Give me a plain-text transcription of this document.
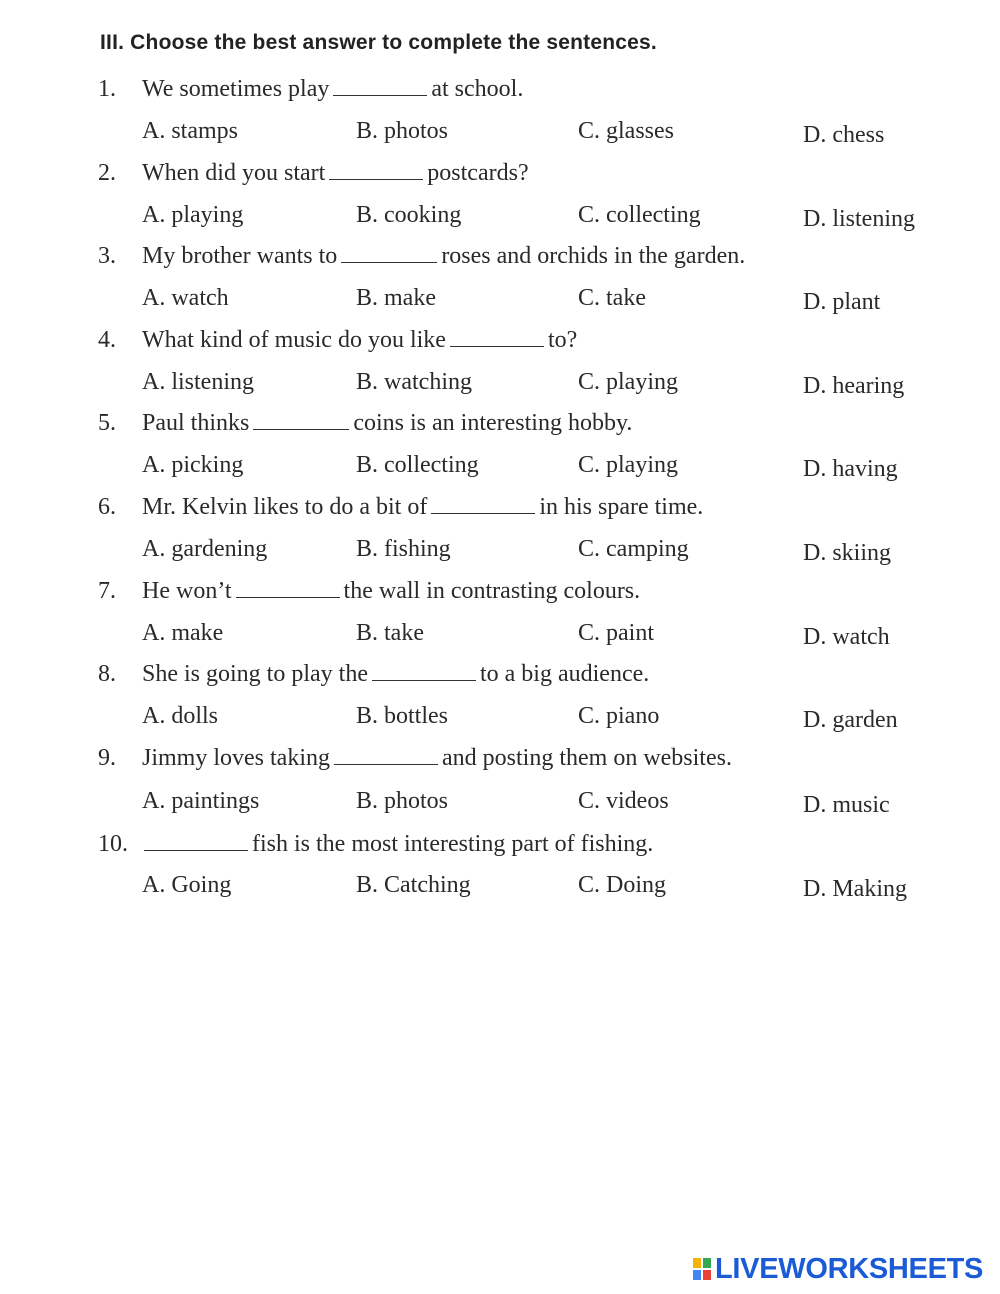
III. Choose the best answer to complete the sentences.
1. We sometimes play	at school.
A. stamps	B. photos	C. glasses	D. chess
2. When did you start	postcards?
A. playing	B. cooking	C. collecting	D. listening
3. My brother wants to	roses and orchids in the garden.
A. watch	B. make	C. take	D. plant
4. What kind of music do you like	to?
A. listening	B. watching	C. playing	D. hearing
5. Paul thinks	coins is an interesting hobby.
A. picking	B. collecting	C. playing	D. having
6. Mr. Kelvin likes to do a bit of	in his spare time.
A. gardening	B. fishing	C. camping	D. skiing
7. He won’t	the wall in contrasting colours.
A. make	B. take	C. paint	D. watch
8. She is going to play the	to a big audience.
A. dolls	B. bottles	C. piano	D. garden
9. Jimmy loves taking	and posting them on websites.
A. paintings	B. photos	C. videos	D. music
10.	fish is the most interesting part of fishing.
A. Going	B. Catching	C. Doing	D. Making
LIVEWORKSHEETS
